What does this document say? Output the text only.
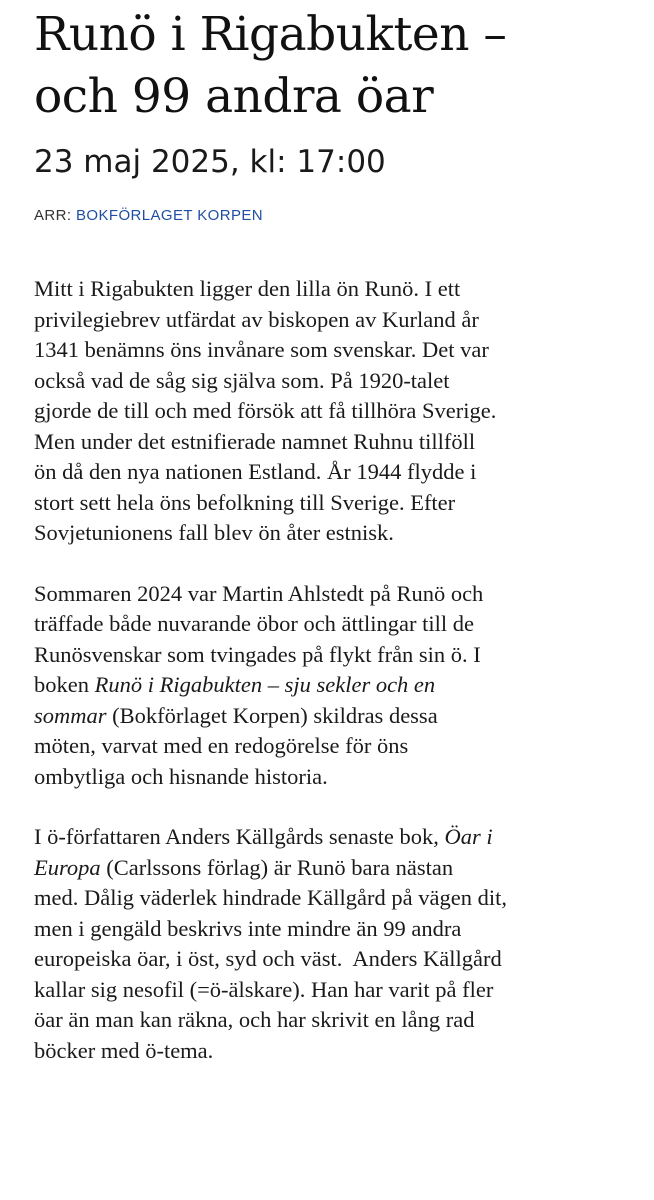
Runö i Rigabukten –
och 99 andra öar
23 maj 2025, kl: 17:00
ARR: BOKFÖRLAGET KORPEN

Mitt i Rigabukten ligger den lilla ön Runö. I ett
privilegiebrev utfärdat av biskopen av Kurland år
1341 benämns öns invånare som svenskar. Det var
också vad de såg sig själva som. På 1920-talet
gjorde de till och med försök att få tillhöra Sverige.
Men under det estnifierade namnet Ruhnu tillföll
ön då den nya nationen Estland. År 1944 flydde i
stort sett hela öns befolkning till Sverige. Efter
Sovjetunionens fall blev ön åter estnisk.

Sommaren 2024 var Martin Ahlstedt på Runö och
träffade både nuvarande öbor och ättlingar till de
Runösvenskar som tvingades på flykt från sin ö. I
boken Runö i Rigabukten – sju sekler och en
sommar (Bokförlaget Korpen) skildras dessa
möten, varvat med en redogörelse för öns
ombytliga och hisnande historia.

I ö-författaren Anders Källgårds senaste bok, Öar i
Europa (Carlssons förlag) är Runö bara nästan
med. Dålig väderlek hindrade Källgård på vägen dit,
men i gengäld beskrivs inte mindre än 99 andra
europeiska öar, i öst, syd och väst.  Anders Källgård
kallar sig nesofil (=ö-älskare). Han har varit på fler
öar än man kan räkna, och har skrivit en lång rad
böcker med ö-tema.
